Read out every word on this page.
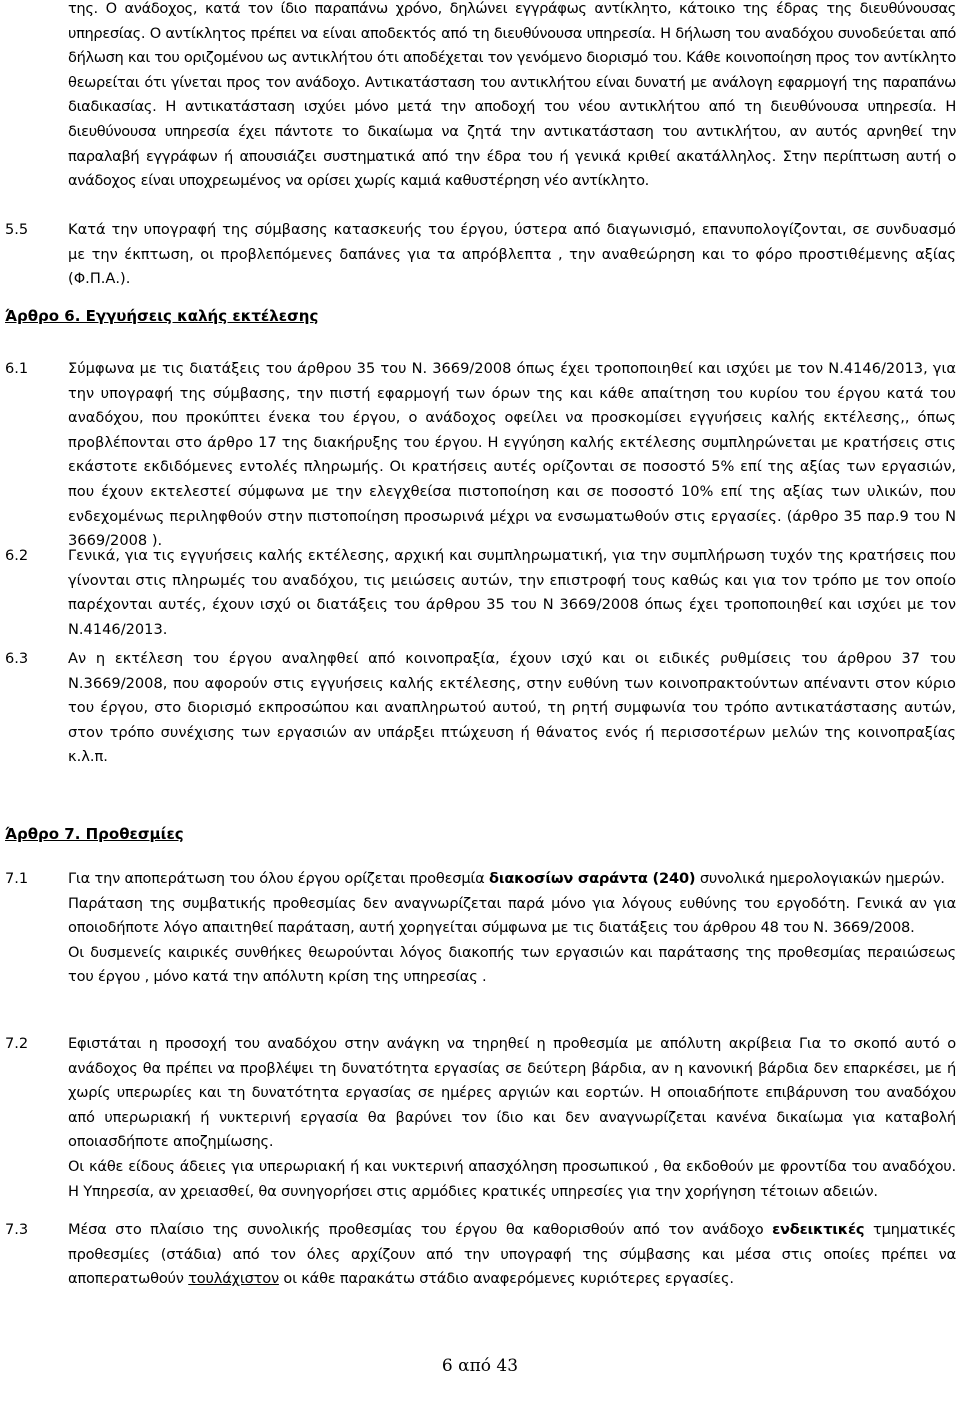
της. Ο ανάδοχος, κατά τον ίδιο παραπάνω χρόνο, δηλώνει εγγράφως αντίκλητο, κάτοικο της έδρας της διευθύνουσας υπηρεσίας. Ο αντίκλητος πρέπει να είναι αποδεκτός από τη διευθύνουσα υπηρεσία. Η δήλωση του αναδόχου συνοδεύεται από δήλωση και του οριζομένου ως αντικλήτου ότι αποδέχεται τον γενόμενο διορισμό του. Κάθε κοινοποίηση προς τον αντίκλητο θεωρείται ότι γίνεται προς τον ανάδοχο. Αντικατάσταση του αντικλήτου είναι δυνατή με ανάλογη εφαρμογή της παραπάνω διαδικασίας. Η αντικατάσταση ισχύει μόνο μετά την αποδοχή του νέου αντικλήτου από τη διευθύνουσα υπηρεσία. Η διευθύνουσα υπηρεσία έχει πάντοτε το δικαίωμα να ζητά την αντικατάσταση του αντικλήτου, αν αυτός αρνηθεί την παραλαβή εγγράφων ή απουσιάζει συστηματικά από την έδρα του ή γενικά κριθεί ακατάλληλος. Στην περίπτωση αυτή ο ανάδοχος είναι υποχρεωμένος να ορίσει χωρίς καμιά καθυστέρηση νέο αντίκλητο.

5.5	Κατά την υπογραφή της σύμβασης κατασκευής του έργου, ύστερα από διαγωνισμό, επανυπολογίζονται, σε συνδυασμό με την έκπτωση, οι προβλεπόμενες δαπάνες για τα απρόβλεπτα , την αναθεώρηση και το φόρο προστιθέμενης αξίας (Φ.Π.Α.).

Άρθρο 6. Εγγυήσεις καλής εκτέλεσης
6.1	Σύμφωνα με τις διατάξεις του άρθρου 35 του Ν. 3669/2008 όπως έχει τροποποιηθεί και ισχύει με τον Ν.4146/2013, για την υπογραφή της σύμβασης, την πιστή εφαρμογή των όρων της και κάθε απαίτηση του κυρίου του έργου κατά του αναδόχου, που προκύπτει ένεκα του έργου, ο ανάδοχος οφείλει να προσκομίσει εγγυήσεις καλής εκτέλεσης,, όπως προβλέπονται στο άρθρο 17 της διακήρυξης του έργου. Η εγγύηση καλής εκτέλεσης συμπληρώνεται με κρατήσεις στις εκάστοτε εκδιδόμενες εντολές πληρωμής. Οι κρατήσεις αυτές ορίζονται σε ποσοστό 5% επί της αξίας των εργασιών, που έχουν εκτελεστεί σύμφωνα με την ελεγχθείσα πιστοποίηση και σε ποσοστό 10% επί της αξίας των υλικών, που ενδεχομένως περιληφθούν στην πιστοποίηση προσωρινά μέχρι να ενσωματωθούν στις εργασίες. (άρθρο 35 παρ.9 του Ν 3669/2008 ).

6.2	Γενικά, για τις εγγυήσεις καλής εκτέλεσης, αρχική και συμπληρωματική, για την συμπλήρωση τυχόν της κρατήσεις που γίνονται στις πληρωμές του αναδόχου, τις μειώσεις αυτών, την επιστροφή τους καθώς και για τον τρόπο με τον οποίο παρέχονται αυτές, έχουν ισχύ οι διατάξεις του άρθρου 35 του Ν 3669/2008 όπως έχει τροποποιηθεί και ισχύει με τον Ν.4146/2013.

6.3	Αν η εκτέλεση του έργου αναληφθεί από κοινοπραξία, έχουν ισχύ και οι ειδικές ρυθμίσεις του άρθρου 37 του Ν.3669/2008, που αφορούν στις εγγυήσεις καλής εκτέλεσης, στην ευθύνη των κοινοπρακτούντων απέναντι στον κύριο του έργου, στο διορισμό εκπροσώπου και αναπληρωτού αυτού, τη ρητή συμφωνία του τρόπο αντικατάστασης αυτών, στον τρόπο συνέχισης των εργασιών αν υπάρξει πτώχευση ή θάνατος ενός ή περισσοτέρων μελών της κοινοπραξίας κ.λ.π.

Άρθρο 7. Προθεσμίες
7.1	Για την αποπεράτωση του όλου έργου ορίζεται προθεσμία διακοσίων σαράντα (240) συνολικά ημερολογιακών ημερών.
Παράταση της συμβατικής προθεσμίας δεν αναγνωρίζεται παρά μόνο για λόγους ευθύνης του εργοδότη. Γενικά αν για οποιοδήποτε λόγο απαιτηθεί παράταση, αυτή χορηγείται σύμφωνα με τις διατάξεις του άρθρου 48 του Ν. 3669/2008.
Οι δυσμενείς καιρικές συνθήκες θεωρούνται λόγος διακοπής των εργασιών και παράτασης της προθεσμίας περαιώσεως του έργου , μόνο κατά την απόλυτη κρίση της υπηρεσίας .
7.2	Εφιστάται η προσοχή του αναδόχου στην ανάγκη να τηρηθεί η προθεσμία με απόλυτη ακρίβεια Για το σκοπό αυτό ο ανάδοχος θα πρέπει να προβλέψει τη δυνατότητα εργασίας σε δεύτερη βάρδια, αν η κανονική βάρδια δεν επαρκέσει, με ή χωρίς υπερωρίες και τη δυνατότητα εργασίας σε ημέρες αργιών και εορτών. Η οποιαδήποτε επιβάρυνση του αναδόχου από υπερωριακή ή νυκτερινή εργασία θα βαρύνει τον ίδιο και δεν αναγνωρίζεται κανένα δικαίωμα για καταβολή οποιασδήποτε αποζημίωσης.
Οι κάθε είδους άδειες για υπερωριακή ή και νυκτερινή απασχόληση προσωπικού , θα εκδοθούν με φροντίδα του αναδόχου. Η Υπηρεσία, αν χρειασθεί, θα συνηγορήσει στις αρμόδιες κρατικές υπηρεσίες για την χορήγηση τέτοιων αδειών.
7.3	Μέσα στο πλαίσιο της συνολικής προθεσμίας του έργου θα καθορισθούν από τον ανάδοχο ενδεικτικές τμηματικές προθεσμίες (στάδια) από τον όλες αρχίζουν από την υπογραφή της σύμβασης και μέσα στις οποίες πρέπει να αποπερατωθούν τουλάχιστον οι κάθε παρακάτω στάδιο αναφερόμενες κυριότερες εργασίες.
6 από 43
